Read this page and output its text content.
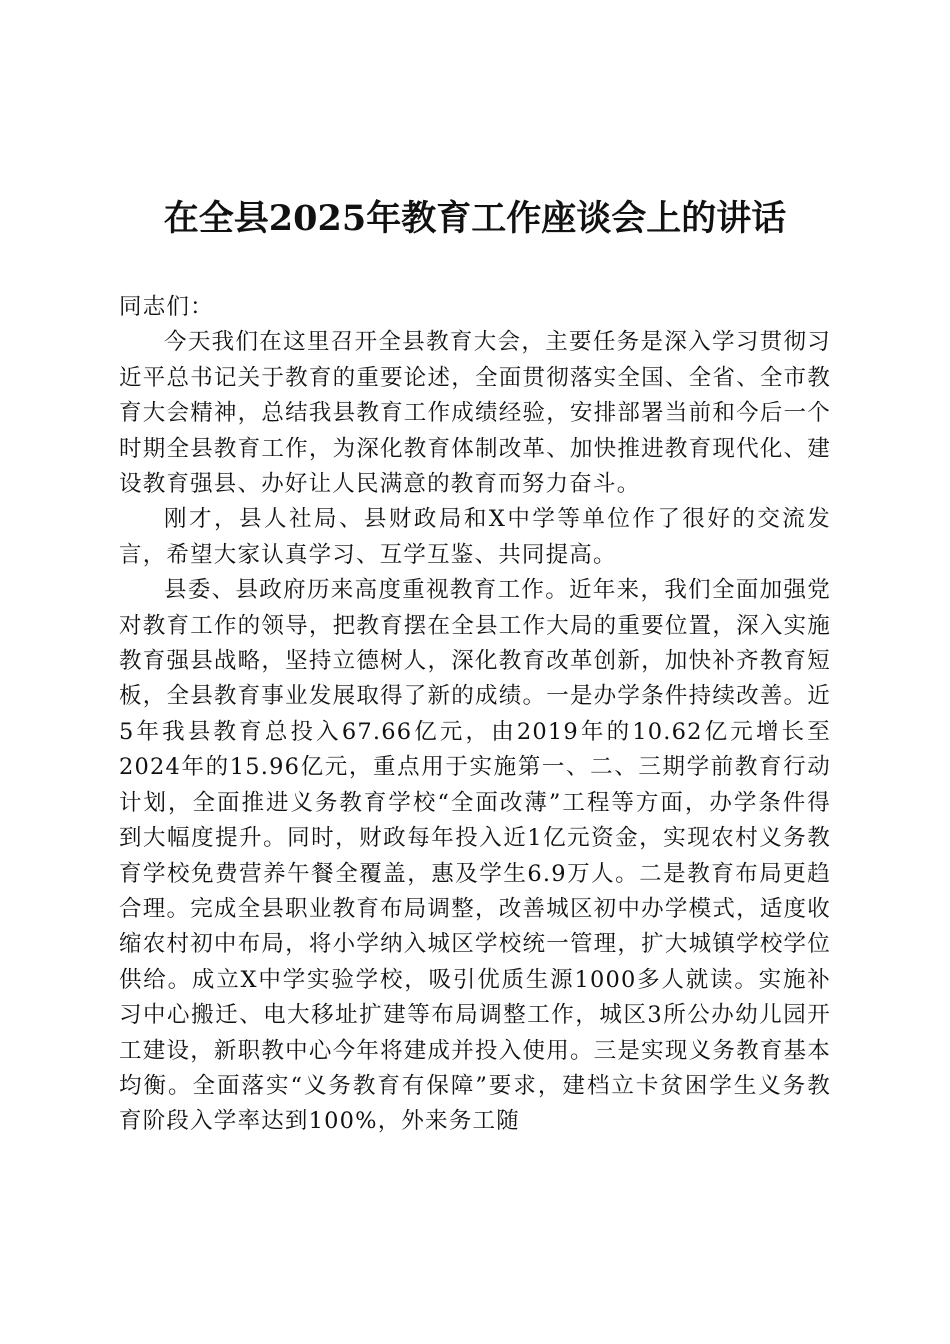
在全县2025年教育工作座谈会上的讲话

同志们：

今天我们在这里召开全县教育大会，主要任务是深入学习贯彻习近平总书记关于教育的重要论述，全面贯彻落实全国、全省、全市教育大会精神，总结我县教育工作成绩经验，安排部署当前和今后一个时期全县教育工作，为深化教育体制改革、加快推进教育现代化、建设教育强县、办好让人民满意的教育而努力奋斗。

刚才，县人社局、县财政局和X中学等单位作了很好的交流发言，希望大家认真学习、互学互鉴、共同提高。

县委、县政府历来高度重视教育工作。近年来，我们全面加强党对教育工作的领导，把教育摆在全县工作大局的重要位置，深入实施教育强县战略，坚持立德树人，深化教育改革创新，加快补齐教育短板，全县教育事业发展取得了新的成绩。一是办学条件持续改善。近5年我县教育总投入67.66亿元，由2019年的10.62亿元增长至2024年的15.96亿元，重点用于实施第一、二、三期学前教育行动计划，全面推进义务教育学校“全面改薄”工程等方面，办学条件得到大幅度提升。同时，财政每年投入近1亿元资金，实现农村义务教育学校免费营养午餐全覆盖，惠及学生6.9万人。二是教育布局更趋合理。完成全县职业教育布局调整，改善城区初中办学模式，适度收缩农村初中布局，将小学纳入城区学校统一管理，扩大城镇学校学位供给。成立X中学实验学校，吸引优质生源1000多人就读。实施补习中心搬迁、电大移址扩建等布局调整工作，城区3所公办幼儿园开工建设，新职教中心今年将建成并投入使用。三是实现义务教育基本均衡。全面落实“义务教育有保障”要求，建档立卡贫困学生义务教育阶段入学率达到100%，外来务工随
